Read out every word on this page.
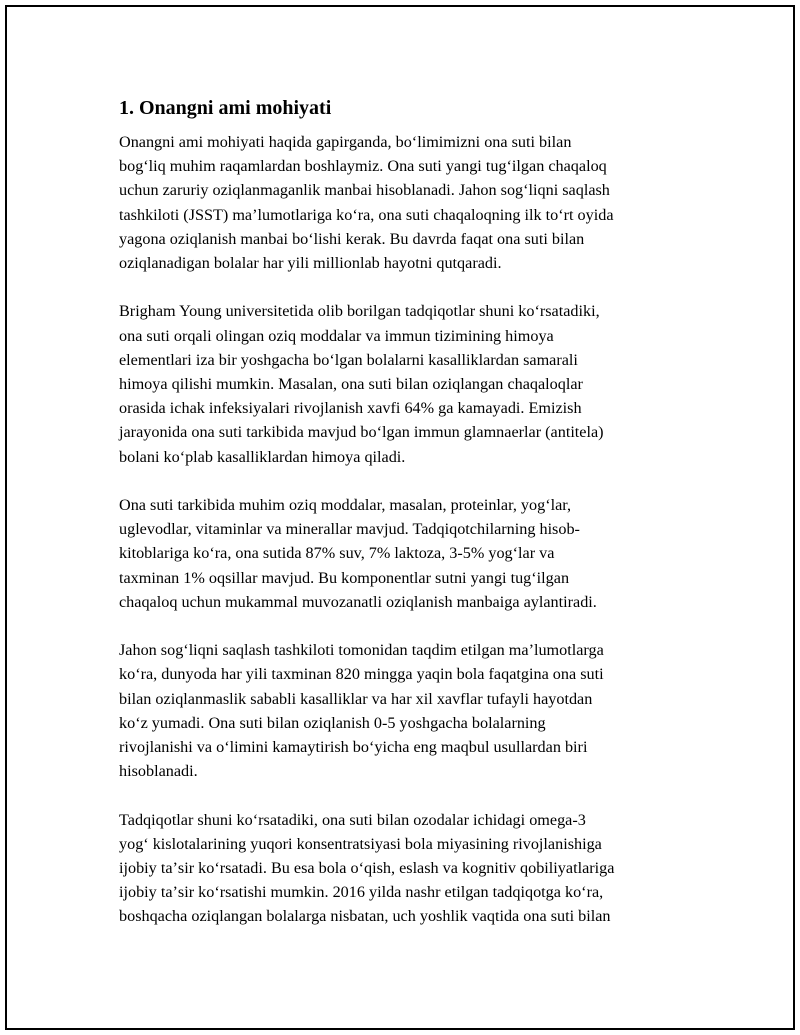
1. Onangni ami mohiyati

Onangni ami mohiyati haqida gapirganda, boʻlimimizni ona suti bilan
bogʻliq muhim raqamlardan boshlaymiz. Ona suti yangi tugʻilgan chaqaloq
uchun zaruriy oziqlanmaganlik manbai hisoblanadi. Jahon sogʻliqni saqlash
tashkiloti (JSST) maʼlumotlariga koʻra, ona suti chaqaloqning ilk toʻrt oyida
yagona oziqlanish manbai boʻlishi kerak. Bu davrda faqat ona suti bilan
oziqlanadigan bolalar har yili millionlab hayotni qutqaradi.

Brigham Young universitetida olib borilgan tadqiqotlar shuni koʻrsatadiki,
ona suti orqali olingan oziq moddalar va immun tizimining himoya
elementlari iza bir yoshgacha boʻlgan bolalarni kasalliklardan samarali
himoya qilishi mumkin. Masalan, ona suti bilan oziqlangan chaqaloqlar
orasida ichak infeksiyalari rivojlanish xavfi 64% ga kamayadi. Emizish
jarayonida ona suti tarkibida mavjud boʻlgan immun glamnaerlar (antitela)
bolani koʻplab kasalliklardan himoya qiladi.

Ona suti tarkibida muhim oziq moddalar, masalan, proteinlar, yogʻlar,
uglevodlar, vitaminlar va minerallar mavjud. Tadqiqotchilarning hisob-
kitoblariga koʻra, ona sutida 87% suv, 7% laktoza, 3-5% yogʻlar va
taxminan 1% oqsillar mavjud. Bu komponentlar sutni yangi tugʻilgan
chaqaloq uchun mukammal muvozanatli oziqlanish manbaiga aylantiradi.

Jahon sogʻliqni saqlash tashkiloti tomonidan taqdim etilgan maʼlumotlarga
koʻra, dunyoda har yili taxminan 820 mingga yaqin bola faqatgina ona suti
bilan oziqlanmaslik sababli kasalliklar va har xil xavflar tufayli hayotdan
koʻz yumadi. Ona suti bilan oziqlanish 0-5 yoshgacha bolalarning
rivojlanishi va oʻlimini kamaytirish boʻyicha eng maqbul usullardan biri
hisoblanadi.

Tadqiqotlar shuni koʻrsatadiki, ona suti bilan ozodalar ichidagi omega-3
yogʻ kislotalarining yuqori konsentratsiyasi bola miyasining rivojlanishiga
ijobiy taʼsir koʻrsatadi. Bu esa bola oʻqish, eslash va kognitiv qobiliyatlariga
ijobiy taʼsir koʻrsatishi mumkin. 2016 yilda nashr etilgan tadqiqotga koʻra,
boshqacha oziqlangan bolalarga nisbatan, uch yoshlik vaqtida ona suti bilan
